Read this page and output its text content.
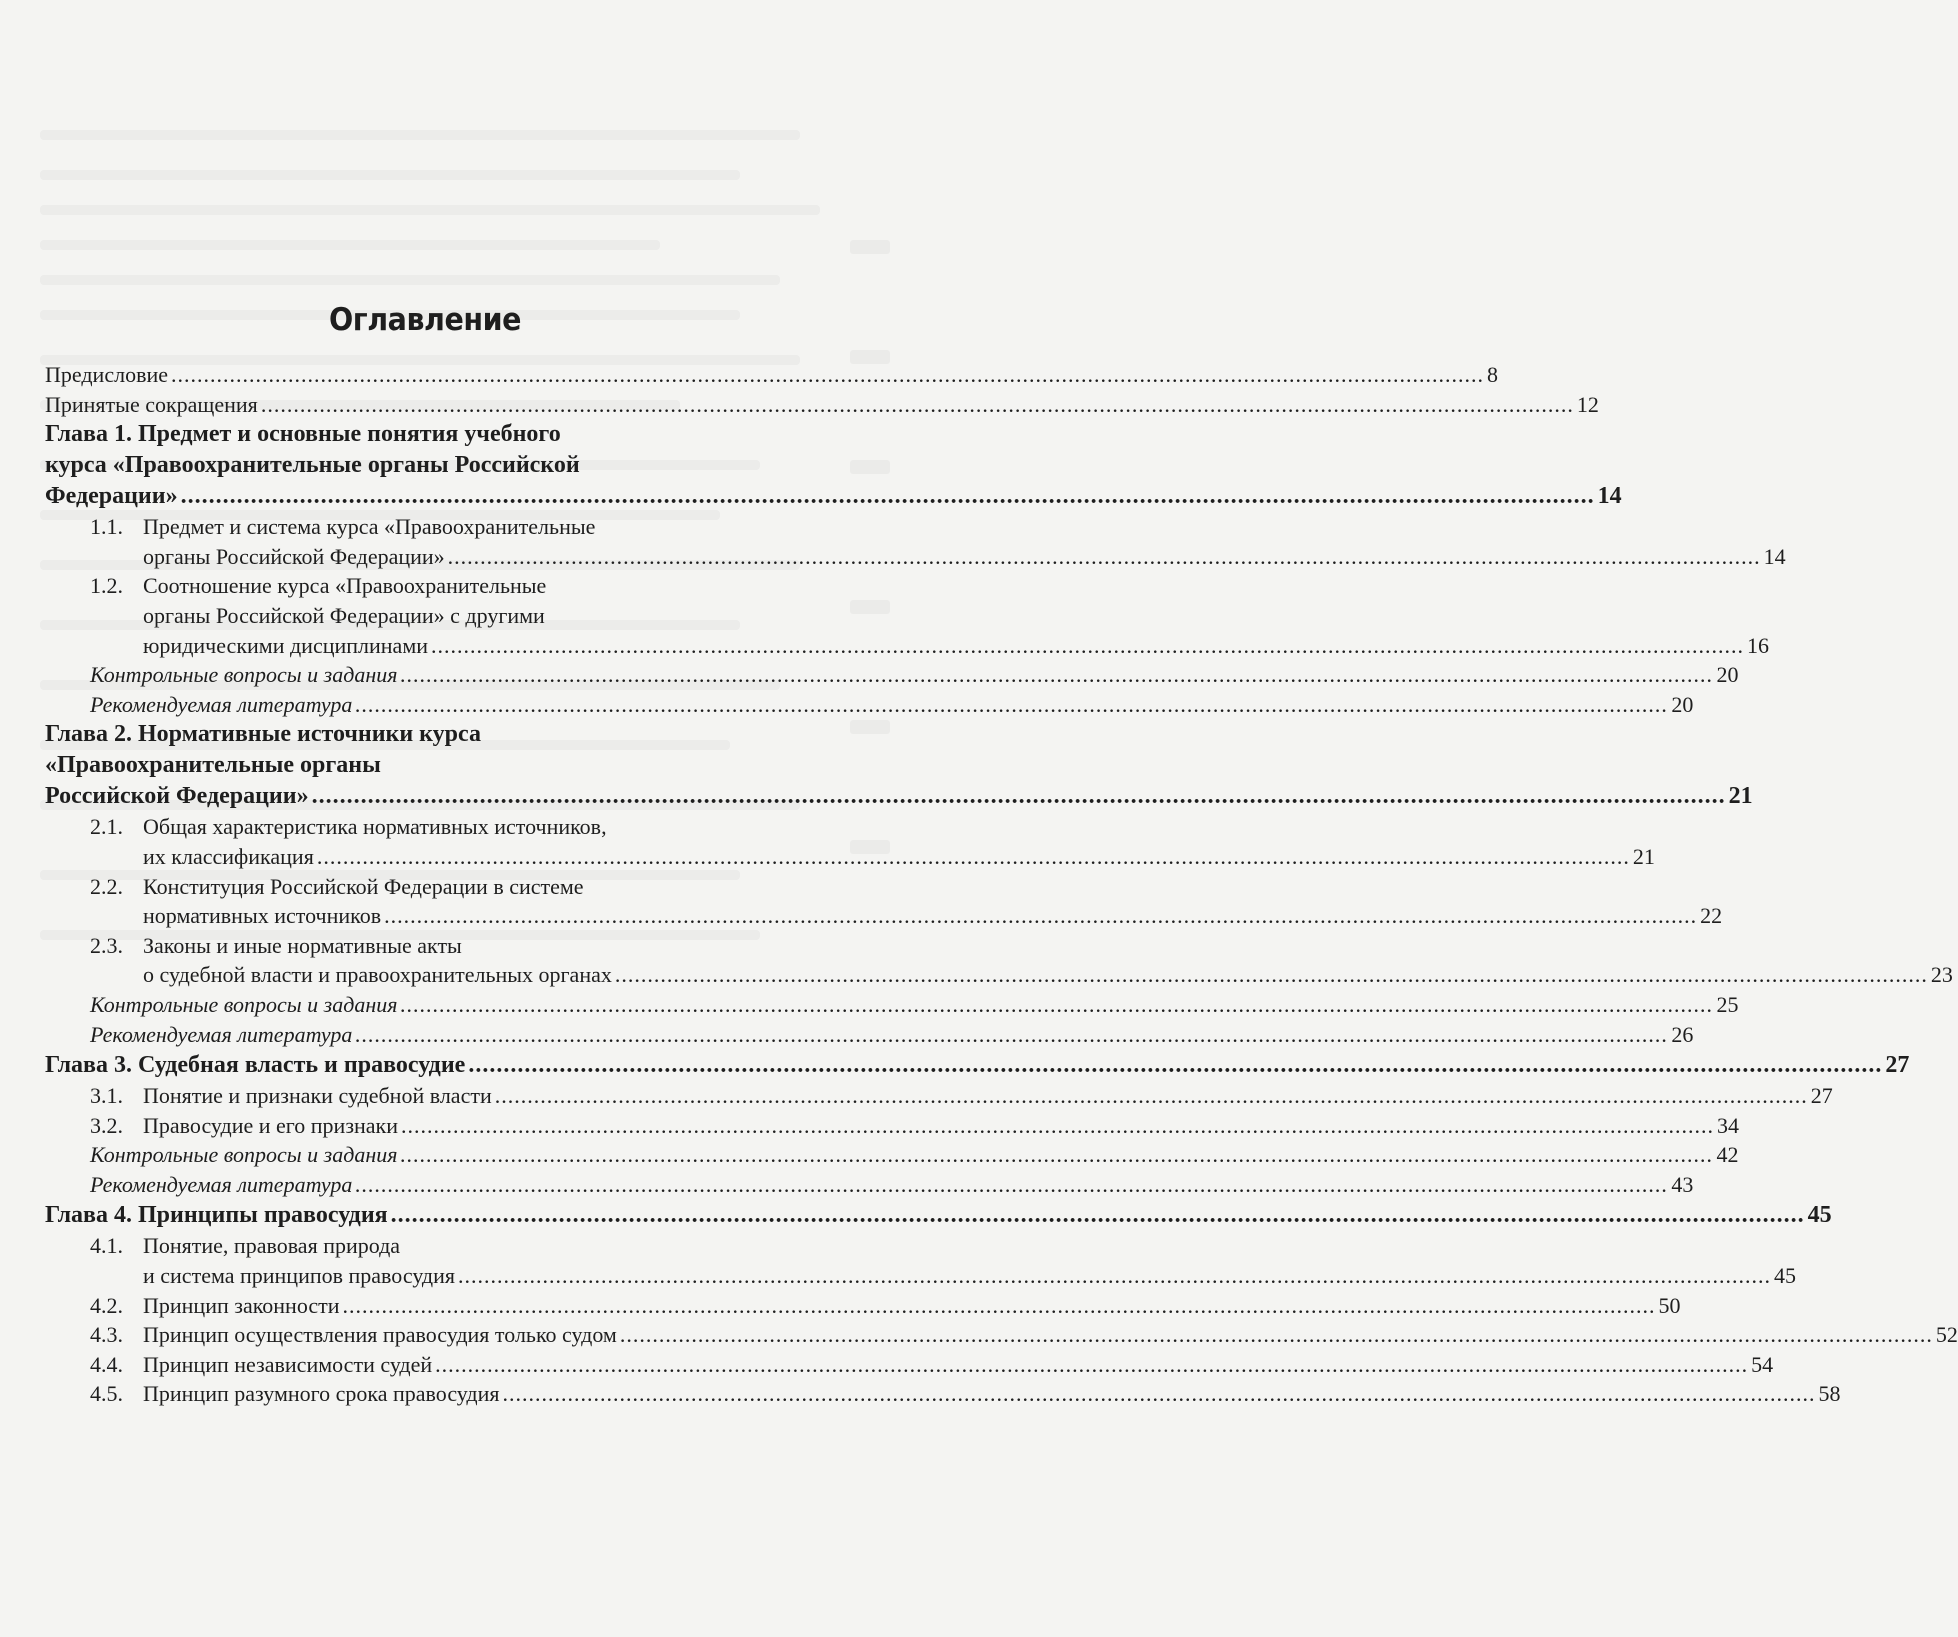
Оглавление
Предисловие .....	8
Принятые сокращения .....	12
Глава 1. Предмет и основные понятия учебного
курса «Правоохранительные органы Российской
Федерации» .....	14
1.1. Предмет и система курса «Правоохранительные
органы Российской Федерации» .....	14
1.2. Соотношение курса «Правоохранительные
органы Российской Федерации» с другими
юридическими дисциплинами .....	16
Контрольные вопросы и задания .....	20
Рекомендуемая литература .....	20
Глава 2. Нормативные источники курса
«Правоохранительные органы
Российской Федерации» .....	21
2.1. Общая характеристика нормативных источников,
их классификация .....	21
2.2. Конституция Российской Федерации в системе
нормативных источников .....	22
2.3. Законы и иные нормативные акты
о судебной власти и правоохранительных органах .....	23
Контрольные вопросы и задания .....	25
Рекомендуемая литература .....	26
Глава 3. Судебная власть и правосудие .....	27
3.1. Понятие и признаки судебной власти .....	27
3.2. Правосудие и его признаки .....	34
Контрольные вопросы и задания .....	42
Рекомендуемая литература .....	43
Глава 4. Принципы правосудия .....	45
4.1. Понятие, правовая природа
и система принципов правосудия .....	45
4.2. Принцип законности .....	50
4.3. Принцип осуществления правосудия только судом .....	52
4.4. Принцип независимости судей .....	54
4.5. Принцип разумного срока правосудия .....	58
